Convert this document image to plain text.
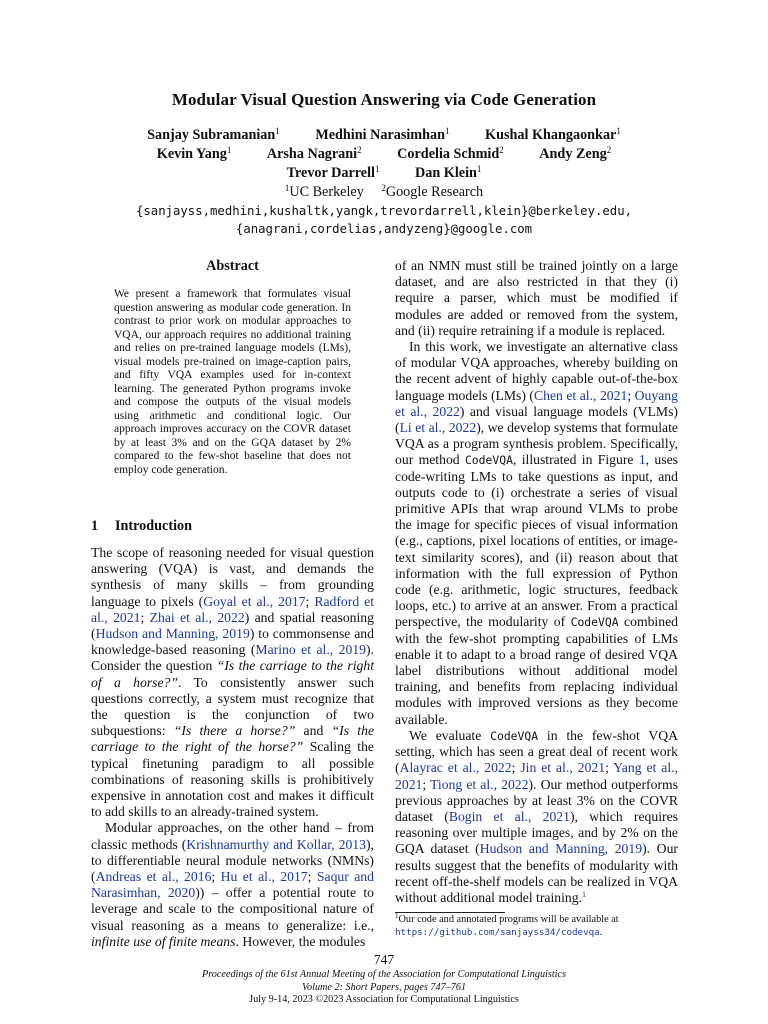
Modular Visual Question Answering via Code Generation
Sanjay Subramanian$^1$	Medhini Narasimhan$^1$	Kushal Khangaonkar$^1$
Kevin Yang$^1$	Arsha Nagrani$^2$	Cordelia Schmid$^2$	Andy Zeng$^2$
Trevor Darrell$^1$	Dan Klein$^1$
$^1$UC Berkeley $^2$Google Research
{sanjayss,medhini,kushaltk,yangk,trevordarrell,klein}@berkeley.edu,
{anagrani,cordelias,andyzeng}@google.com
Abstract
We present a framework that formulates visual question answering as modular code generation. In contrast to prior work on modular approaches to VQA, our approach requires no additional training and relies on pre-trained language models (LMs), visual models pre-trained on image-caption pairs, and fifty VQA examples used for in-context learning. The generated Python programs invoke and compose the outputs of the visual models using arithmetic and conditional logic. Our approach improves accuracy on the COVR dataset by at least 3% and on the GQA dataset by 2% compared to the few-shot baseline that does not employ code generation.
1 Introduction

The scope of reasoning needed for visual question answering (VQA) is vast, and demands the synthesis of many skills – from grounding language to pixels (Goyal et al., 2017; Radford et al., 2021; Zhai et al., 2022) and spatial reasoning (Hudson and Manning, 2019) to commonsense and knowledge-based reasoning (Marino et al., 2019). Consider the question “Is the carriage to the right of a horse?”. To consistently answer such questions correctly, a system must recognize that the question is the conjunction of two subquestions: “Is there a horse?” and “Is the carriage to the right of the horse?” Scaling the typical finetuning paradigm to all possible combinations of reasoning skills is prohibitively expensive in annotation cost and makes it difficult to add skills to an already-trained system.

Modular approaches, on the other hand – from classic methods (Krishnamurthy and Kollar, 2013), to differentiable neural module networks (NMNs) (Andreas et al., 2016; Hu et al., 2017; Saqur and Narasimhan, 2020)) – offer a potential route to leverage and scale to the compositional nature of visual reasoning as a means to generalize: i.e., infinite use of finite means. However, the modules

of an NMN must still be trained jointly on a large dataset, and are also restricted in that they (i) require a parser, which must be modified if modules are added or removed from the system, and (ii) require retraining if a module is replaced.

In this work, we investigate an alternative class of modular VQA approaches, whereby building on the recent advent of highly capable out-of-the-box language models (LMs) (Chen et al., 2021; Ouyang et al., 2022) and visual language models (VLMs) (Li et al., 2022), we develop systems that formulate VQA as a program synthesis problem. Specifically, our method CodeVQA, illustrated in Figure 1, uses code-writing LMs to take questions as input, and outputs code to (i) orchestrate a series of visual primitive APIs that wrap around VLMs to probe the image for specific pieces of visual information (e.g., captions, pixel locations of entities, or image-text similarity scores), and (ii) reason about that information with the full expression of Python code (e.g. arithmetic, logic structures, feedback loops, etc.) to arrive at an answer. From a practical perspective, the modularity of CodeVQA combined with the few-shot prompting capabilities of LMs enable it to adapt to a broad range of desired VQA label distributions without additional model training, and benefits from replacing individual modules with improved versions as they become available.

We evaluate CodeVQA in the few-shot VQA setting, which has seen a great deal of recent work (Alayrac et al., 2022; Jin et al., 2021; Yang et al., 2021; Tiong et al., 2022). Our method outperforms previous approaches by at least 3% on the COVR dataset (Bogin et al., 2021), which requires reasoning over multiple images, and by 2% on the GQA dataset (Hudson and Manning, 2019). Our results suggest that the benefits of modularity with recent off-the-shelf models can be realized in VQA without additional model training.$^1$

$^1$Our code and annotated programs will be available at https://github.com/sanjayss34/codevqa.
747
Proceedings of the 61st Annual Meeting of the Association for Computational Linguistics
Volume 2: Short Papers, pages 747–761
July 9-14, 2023 ©2023 Association for Computational Linguistics
